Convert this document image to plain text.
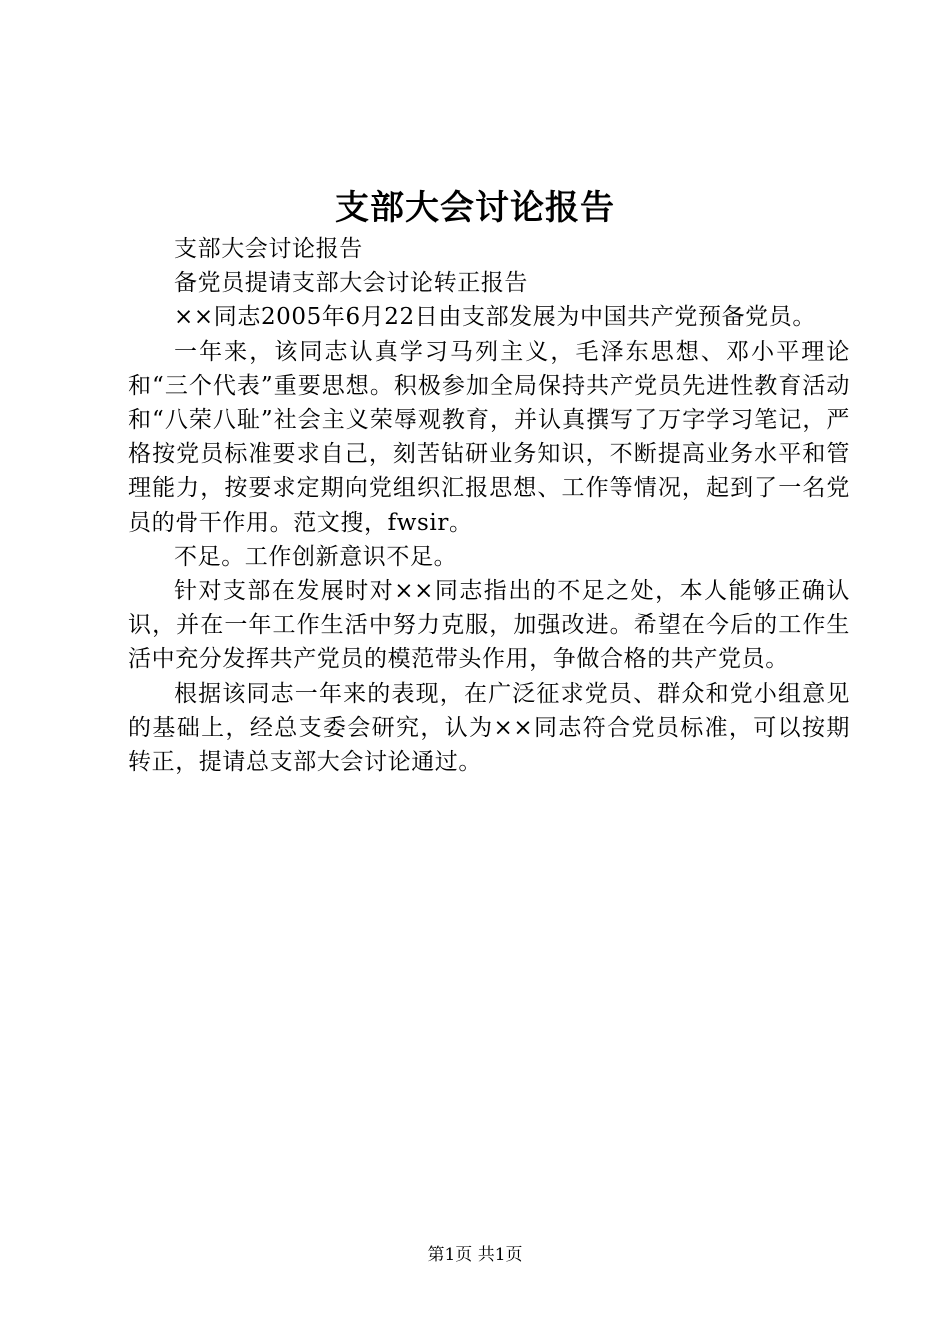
支部大会讨论报告

支部大会讨论报告

备党员提请支部大会讨论转正报告

××同志2005年6月22日由支部发展为中国共产党预备党员。

一年来，该同志认真学习马列主义，毛泽东思想、邓小平理论和“三个代表”重要思想。积极参加全局保持共产党员先进性教育活动和“八荣八耻”社会主义荣辱观教育，并认真撰写了万字学习笔记，严格按党员标准要求自己，刻苦钻研业务知识，不断提高业务水平和管理能力，按要求定期向党组织汇报思想、工作等情况，起到了一名党员的骨干作用。范文搜，fwsir。

不足。工作创新意识不足。

针对支部在发展时对××同志指出的不足之处，本人能够正确认识，并在一年工作生活中努力克服，加强改进。希望在今后的工作生活中充分发挥共产党员的模范带头作用，争做合格的共产党员。

根据该同志一年来的表现，在广泛征求党员、群众和党小组意见的基础上，经总支委会研究，认为××同志符合党员标准，可以按期转正，提请总支部大会讨论通过。

第1页 共1页
